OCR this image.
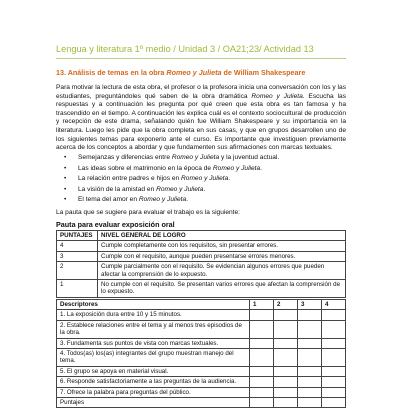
Lengua y literatura 1º medio / Unidad 3 / OA21;23/ Actividad 13
13. Análisis de temas en la obra Romeo y Julieta de William Shakespeare
Para motivar la lectura de esta obra, el profesor o la profesora inicia una conversación con los y las estudiantes, preguntándoles qué saben de la obra dramática Romeo y Julieta. Escucha las respuestas y a continuación les pregunta por qué creen que esta obra es tan famosa y ha trascendido en el tiempo. A continuación les explica cuál es el contexto sociocultural de producción y recepción de este drama, señalando quién fue William Shakespeare y su importancia en la literatura. Luego les pide que la obra completa en sus casas, y que en grupos desarrollen uno de los siguientes temas para exponerlo ante el curso. Es importante que investiguen previamente acerca de los conceptos a abordar y que fundamenten sus afirmaciones con marcas textuales.
• Semejanzas y diferencias entre Romeo y Julieta y la juventud actual.
• Las ideas sobre el matrimonio en la época de Romeo y Julieta.
• La relación entre padres e hijos en Romeo y Julieta.
• La visión de la amistad en Romeo y Julieta.
• El tema del amor en Romeo y Julieta.
La pauta que se sugiere para evaluar el trabajo es la siguiente:
Pauta para evaluar exposición oral
PUNTAJES	NIVEL GENERAL DE LOGRO
4	Cumple completamente con los requisitos, sin presentar errores.
3	Cumple con el requisito, aunque pueden presentarse errores menores.
2	Cumple parcialmente con el requisito. Se evidencian algunos errores que pueden afectar la comprensión de lo expuesto.
1	No cumple con el requisito. Se presentan varios errores que afectan la comprensión de lo expuesto.
Descriptores	1	2	3	4
1. La exposición dura entre 10 y 15 minutos.				
2. Establece relaciones entre el tema y al menos tres episodios de la obra.				
3. Fundamenta sus puntos de vista con marcas textuales.				
4. Todos(as) los(as) integrantes del grupo muestran manejo del tema.				
5. El grupo se apoya en material visual.				
6. Responde satisfactoriamente a las preguntas de la audiencia.				
7. Ofrece la palabra para preguntas del público.				
Puntajes				
